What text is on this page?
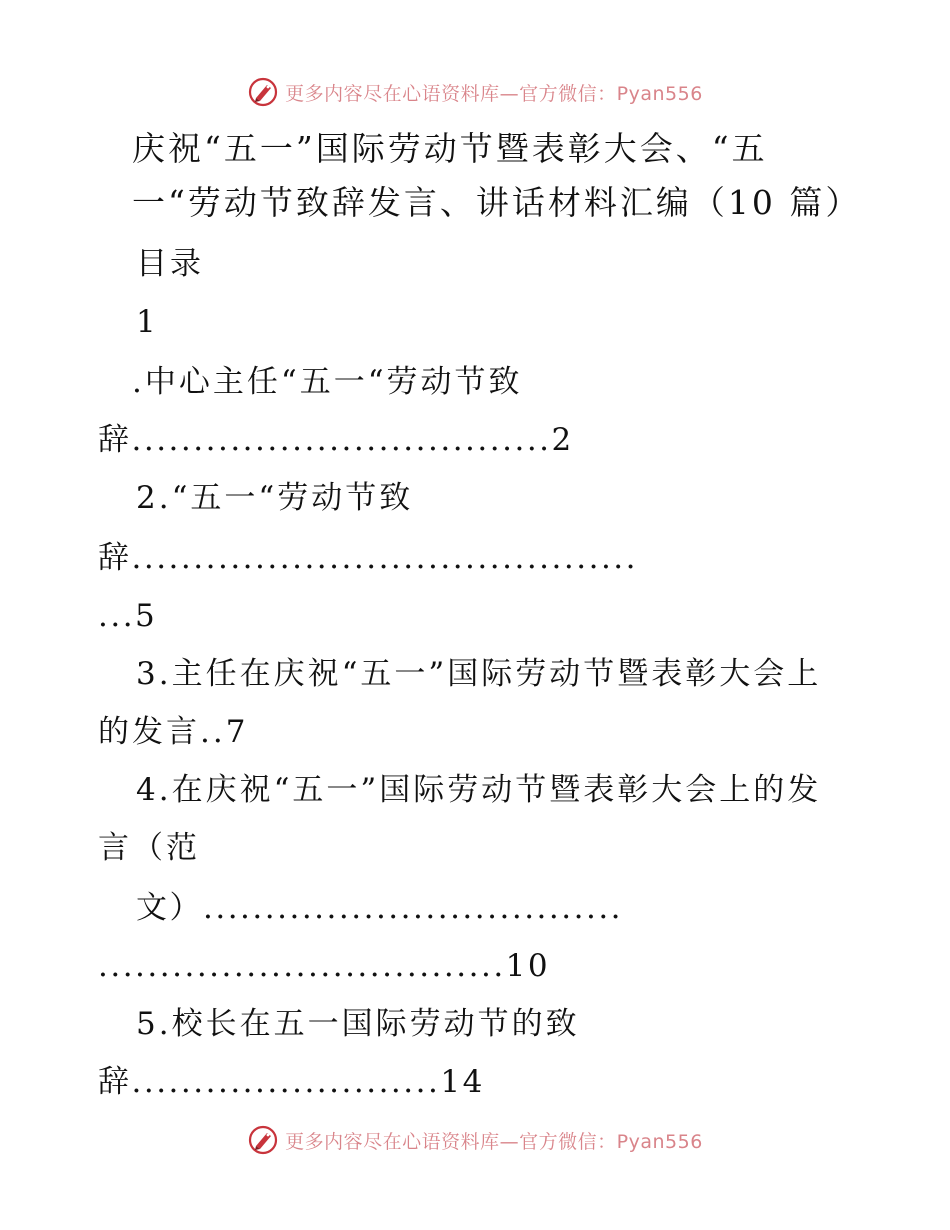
更多内容尽在心语资料库—官方微信：Pyan556
庆祝“五一”国际劳动节暨表彰大会、“五一“劳动节致辞发言、讲话材料汇编（10 篇）

目录

1

.中心主任“五一“劳动节致

辞..................................2

2.“五一“劳动节致

辞.........................................

...5

3.主任在庆祝“五一”国际劳动节暨表彰大会上

的发言..7

4.在庆祝“五一”国际劳动节暨表彰大会上的发

言（范

文）..................................

.................................10

5.校长在五一国际劳动节的致

辞.........................14

更多内容尽在心语资料库—官方微信：Pyan556
